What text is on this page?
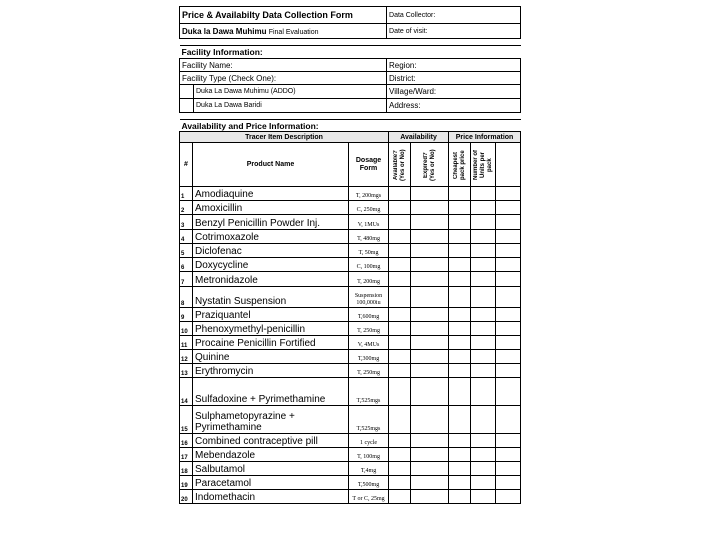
Price & Availabilty Data Collection Form		Data Collector:
Duka la Dawa Muhimu Final Evaluation		Date of visit:

Facility Information:		
Facility Name:		Region:
Facility Type (Check One):		District:
	Duka La Dawa Muhimu (ADDO)	Village/Ward:
	Duka La Dawa Baridi	Address:

Availability and Price Information:		
Tracer Item Description			Availability		Price Information		
#	Product Name	Dosage Form	Available? (Yes or No)	Expired? (Yes or No)	Cheapest pack price	Number of Units per pack	

1	Amodiaquine	T, 200mgs					
2	Amoxicillin	C, 250mg					
3	Benzyl Penicillin Powder Inj.	V, 1MUs					
4	Cotrimoxazole	T, 480mg					
5	Diclofenac	T, 50mg					
6	Doxycycline	C, 100mg					
7	Metronidazole	T, 200mg					
8	Nystatin Suspension	Suspension 100,000iu					
9	Praziquantel	T,600mg					
10	Phenoxymethyl-penicillin	T, 250mg					
11	Procaine Penicillin Fortified	V, 4MUs					
12	Quinine	T,300mg					
13	Erythromycin	T, 250mg					
14	Sulfadoxine + Pyrimethamine	T,525mgs					
15	Sulphametopyrazine + Pyrimethamine	T,525mgs					
16	Combined contraceptive pill	1 cycle					
17	Mebendazole	T, 100mg					
18	Salbutamol	T,4mg					
19	Paracetamol	T,500mg					
20	Indomethacin	T or C, 25mg					
